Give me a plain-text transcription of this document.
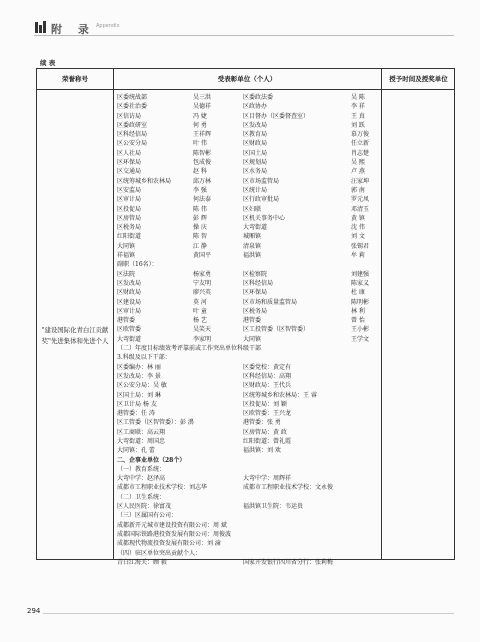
附 录 Appendix
续 表
荣誉称号	受表彰单位（个人）	授予时间及授奖单位
"建设国际化青白江贡献奖"先进集体和先进个人
区委统战部	吴三洪	区委政法委	吴 陈
区委社治委	吴德祥	区政协办	李 祥
区信访局	冯 婕	区目督办（区委督查室）	王 真
区委政研室	何 勇	区发改局	刘 跃
区科经信局	王祥辉	区教育局	慕万俊
区公安分局	叶 伟	区财政局	任立新
区人社局	陈智彬	区国土局	肖志楚
区环保局	包成俊	区规划局	吴 熙
区交通局	赵 科	区水务局	卢 燕
区统筹城乡和农林局	邱万林	区市场监管局	汪家坤
区安监局	李 强	区统计局	郭 南
区审计局	何法泰	区行政审批局	罗元凤
区投促局	陈 伟	区妇联	邓清玉
区房管局	彭 辉	区机关事务中心	黄 镇
区税务局	操 庆	大弯街道	沈 伟
红阳街道	陈 智	城厢镇	刘 文
大同镇	江 静	清泉镇	张锡君
祥福镇	黄国平	福洪镇	牟 莉
副职（16名）：
区法院	杨家勇	区检察院	刘建强
区发改局	宁友明	区科经信局	陈家义
区财政局	廖兴英	区环保局	杜 康
区建设局	莫 河	区市场和质量监管局	陈明彬
区审计局	叶 童	区税务局	林 利
港管委	杨 艺	港管委	曾 怡
区欧管委	吴笑天	区工投管委（区智管委）	王小彬
大弯街道	李家明	大同镇	王学文
（二）年度目标绩效考评靠前或工作突出单位科级干部
3.科级及以下干部：
区委编办：林 丽	区委党校：黄定有
区发改局：李 景	区科经信局：高翔
区公安分局：吴 敏	区财政局：王代兵
区国土局：刘 琳	区统筹城乡和农林局：王 睿
区卫计局 杨 友	区投促局：刘 颖
港管委：任 涛	区欧管委：王兴龙
区工管委（区智管委）：彭 濞	港管委：张 勇
区工商联：高云翔	区房管局：黄 政
大弯街道：周国忠	红阳街道：曾礼霞
大同镇：孔 蕾	福洪镇：刘 欢
二、企事业单位（28个）
（一）教育系统：
大弯中学：赵泽高	大弯中学：周辉祥
成都市工程职业技术学校：刘志华	成都市工程职业技术学校：文永俊
（二）卫生系统：
区人民医院：徐富茂	福洪镇卫生院：韦运贵
（三）区属国有公司：
成都新开元城市建设投资有限公司：周 斌
成都国际铁路港投资发展有限公司：周俊波
成都现代物流投资发展有限公司：刘 渝
（四）驻区单位突出贡献个人：
青白江海关：顾 毅	国家开发银行四川省分行：张莉梅
294
